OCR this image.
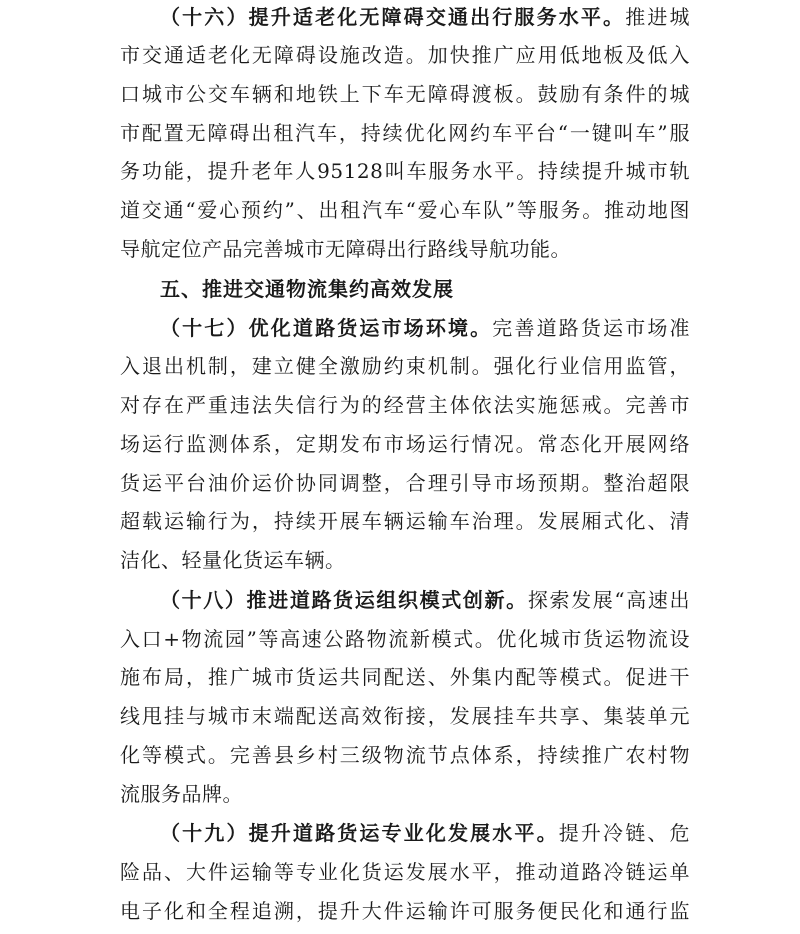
（十六）提升适老化无障碍交通出行服务水平。推进城
市交通适老化无障碍设施改造。加快推广应用低地板及低入
口城市公交车辆和地铁上下车无障碍渡板。鼓励有条件的城
市配置无障碍出租汽车，持续优化网约车平台“一键叫车”服
务功能，提升老年人95128叫车服务水平。持续提升城市轨
道交通“爱心预约”、出租汽车“爱心车队”等服务。推动地图
导航定位产品完善城市无障碍出行路线导航功能。
五、推进交通物流集约高效发展
（十七）优化道路货运市场环境。完善道路货运市场准
入退出机制，建立健全激励约束机制。强化行业信用监管，
对存在严重违法失信行为的经营主体依法实施惩戒。完善市
场运行监测体系，定期发布市场运行情况。常态化开展网络
货运平台油价运价协同调整，合理引导市场预期。整治超限
超载运输行为，持续开展车辆运输车治理。发展厢式化、清
洁化、轻量化货运车辆。
（十八）推进道路货运组织模式创新。探索发展“高速出
入口+物流园”等高速公路物流新模式。优化城市货运物流设
施布局，推广城市货运共同配送、外集内配等模式。促进干
线甩挂与城市末端配送高效衔接，发展挂车共享、集装单元
化等模式。完善县乡村三级物流节点体系，持续推广农村物
流服务品牌。
（十九）提升道路货运专业化发展水平。提升冷链、危
险品、大件运输等专业化货运发展水平，推动道路冷链运单
电子化和全程追溯，提升大件运输许可服务便民化和通行监
